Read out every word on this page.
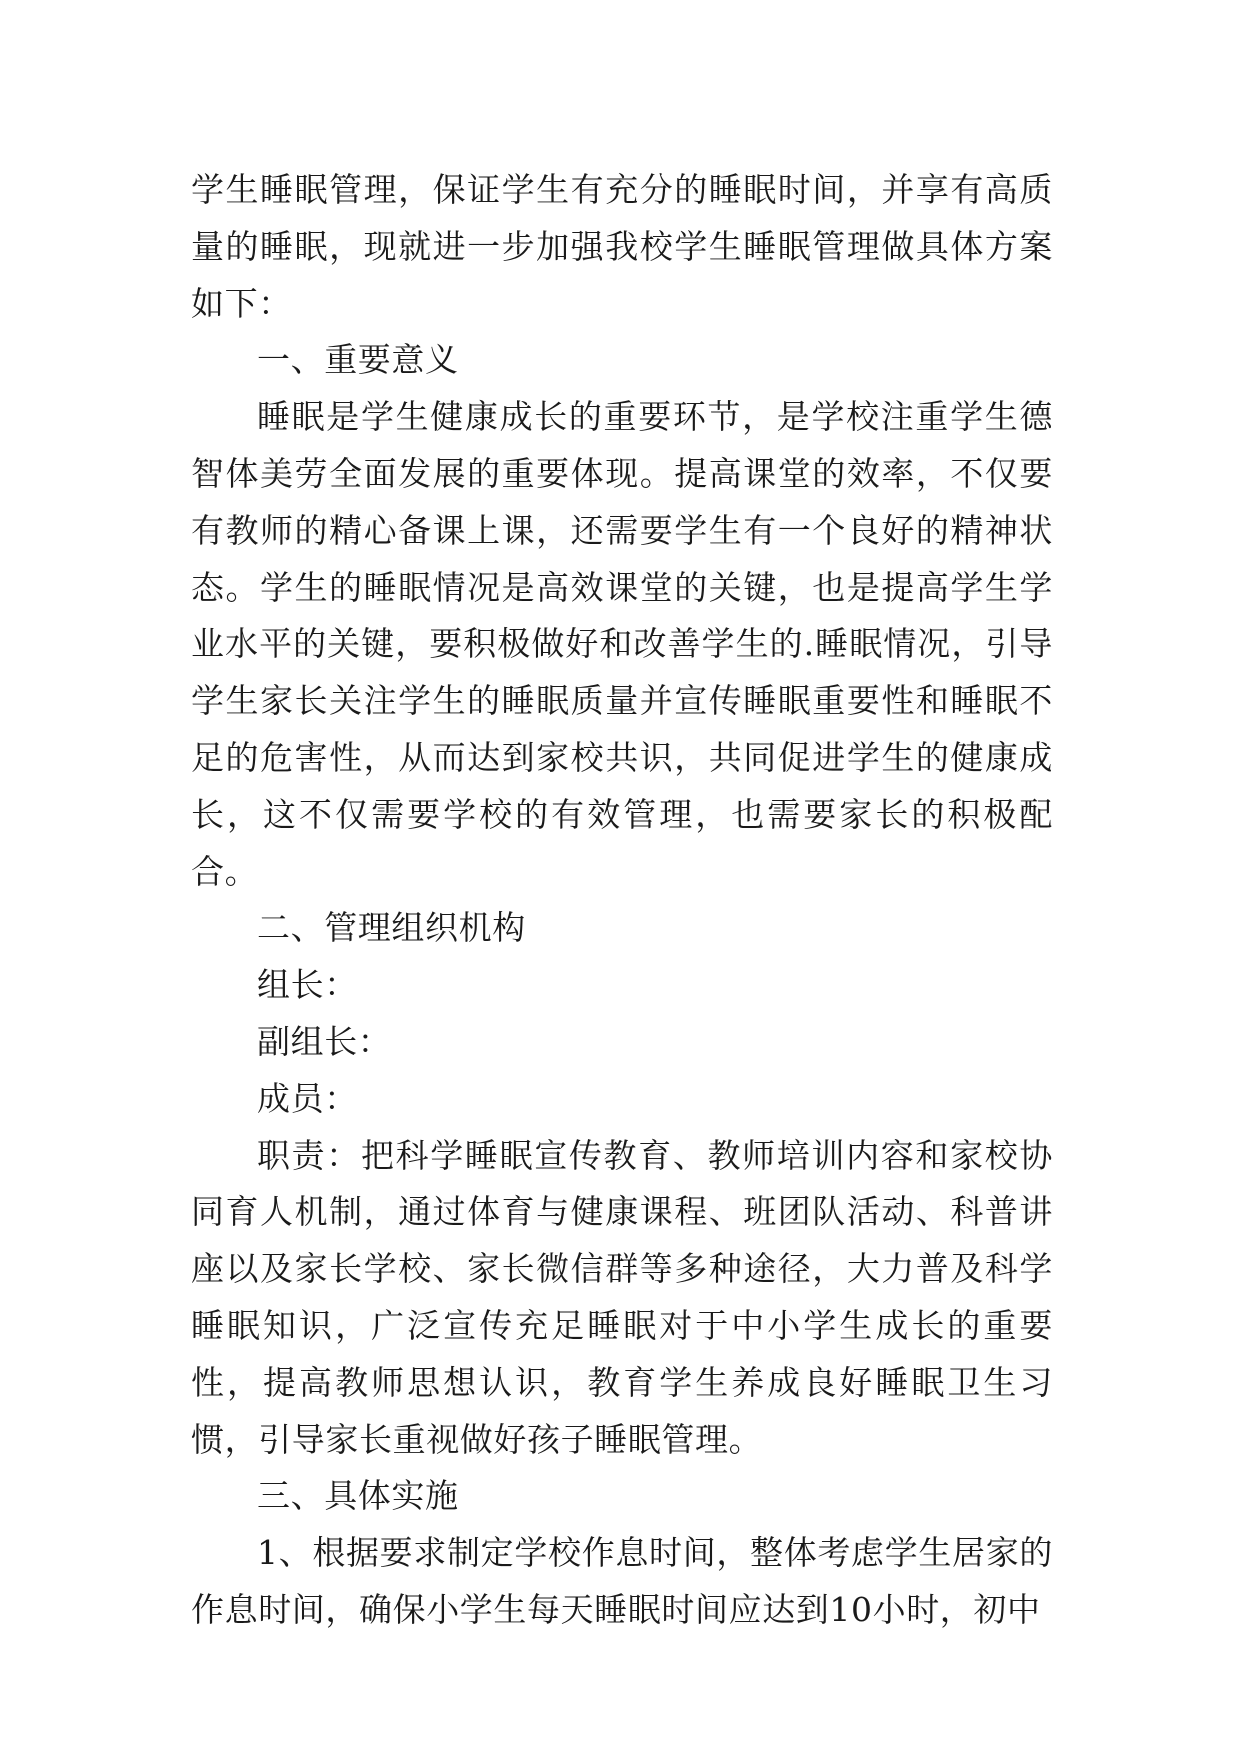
学生睡眠管理，保证学生有充分的睡眠时间，并享有高质量的睡眠，现就进一步加强我校学生睡眠管理做具体方案如下：

一、重要意义

睡眠是学生健康成长的重要环节，是学校注重学生德智体美劳全面发展的重要体现。提高课堂的效率，不仅要有教师的精心备课上课，还需要学生有一个良好的精神状态。学生的睡眠情况是高效课堂的关键，也是提高学生学业水平的关键，要积极做好和改善学生的.睡眠情况，引导学生家长关注学生的睡眠质量并宣传睡眠重要性和睡眠不足的危害性，从而达到家校共识，共同促进学生的健康成长，这不仅需要学校的有效管理，也需要家长的积极配合。

二、管理组织机构

组长：

副组长：

成员：

职责：把科学睡眠宣传教育、教师培训内容和家校协同育人机制，通过体育与健康课程、班团队活动、科普讲座以及家长学校、家长微信群等多种途径，大力普及科学睡眠知识，广泛宣传充足睡眠对于中小学生成长的重要性，提高教师思想认识，教育学生养成良好睡眠卫生习惯，引导家长重视做好孩子睡眠管理。

三、具体实施

1、根据要求制定学校作息时间，整体考虑学生居家的作息时间，确保小学生每天睡眠时间应达到10小时，初中
